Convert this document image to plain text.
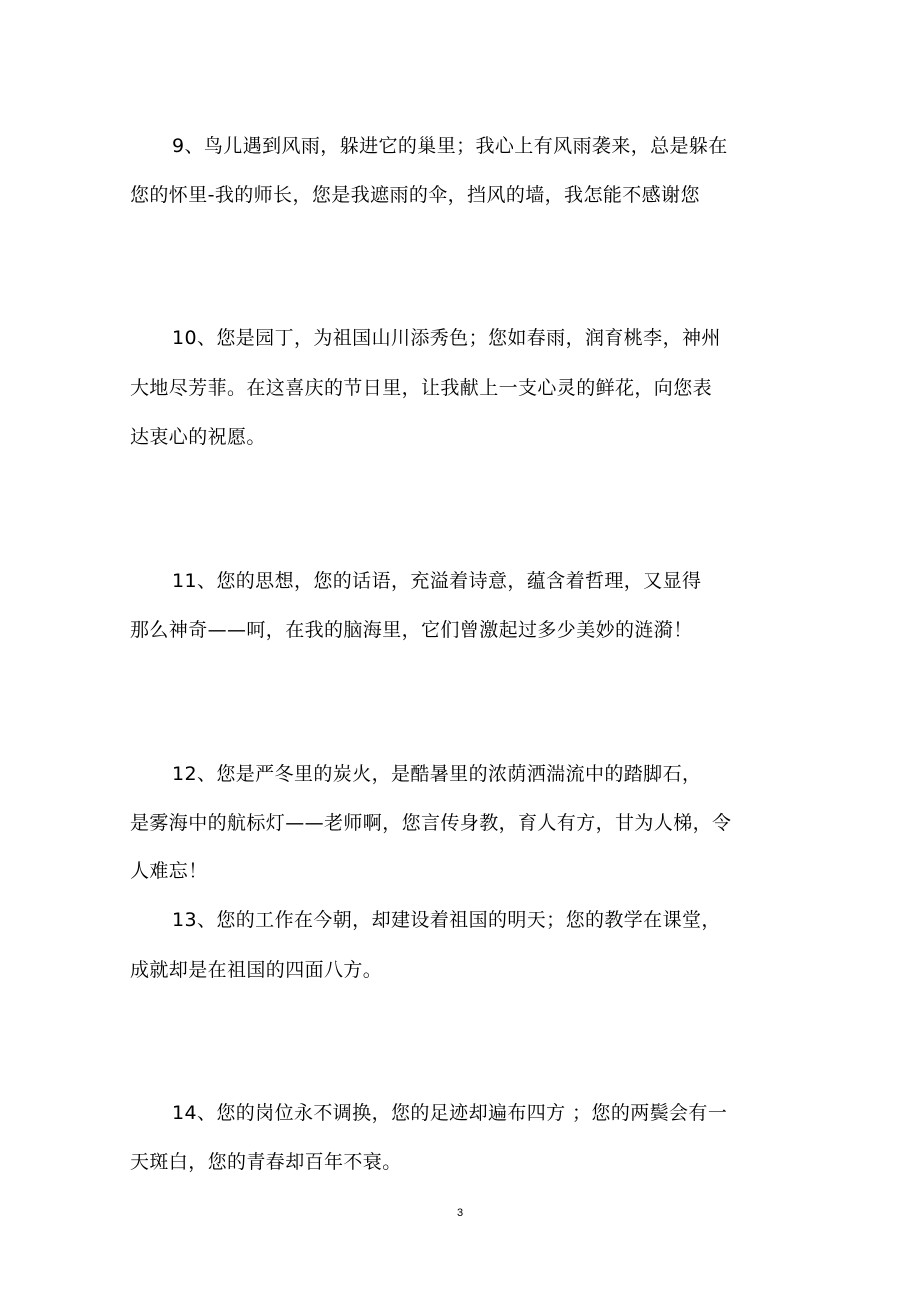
9、鸟儿遇到风雨，躲进它的巢里；我心上有风雨袭来，总是躲在
您的怀里-我的师长，您是我遮雨的伞，挡风的墙，我怎能不感谢您
10、您是园丁，为祖国山川添秀色；您如春雨，润育桃李，神州
大地尽芳菲。在这喜庆的节日里，让我献上一支心灵的鲜花，向您表
达衷心的祝愿。
11、您的思想，您的话语，充溢着诗意，蕴含着哲理，又显得
那么神奇——呵，在我的脑海里，它们曾激起过多少美妙的涟漪！
12、您是严冬里的炭火，是酷暑里的浓荫洒湍流中的踏脚石，
是雾海中的航标灯——老师啊，您言传身教，育人有方，甘为人梯，令
人难忘！
13、您的工作在今朝，却建设着祖国的明天；您的教学在课堂，
成就却是在祖国的四面八方。
14、您的岗位永不调换，您的足迹却遍布四方 ；您的两鬓会有一
天斑白，您的青春却百年不衰。
3
